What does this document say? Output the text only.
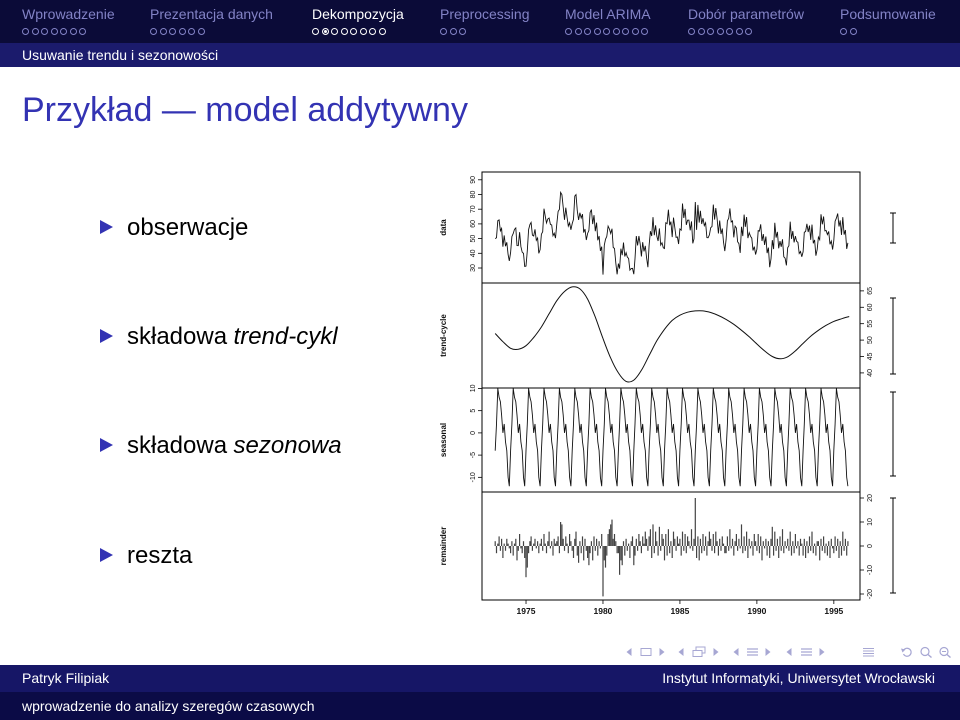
Wprowadzenie	Prezentacja danych	Dekompozycja	Preprocessing	Model ARIMA	Dobór parametrów	Podsumowanie
Usuwanie trendu i sezonowości
Przykład — model addytywny
obserwacje
składowa trend-cykl
składowa sezonowa
reszta
30
40
50
60
70
80
90
data
40
45
50
55
60
65
trend-cycle
-10
-5
0
5
10
seasonal
-20
-10
0
10
20
remainder
1975	1980	1985	1990	1995
Patryk Filipiak	Instytut Informatyki, Uniwersytet Wrocławski
wprowadzenie do analizy szeregów czasowych
